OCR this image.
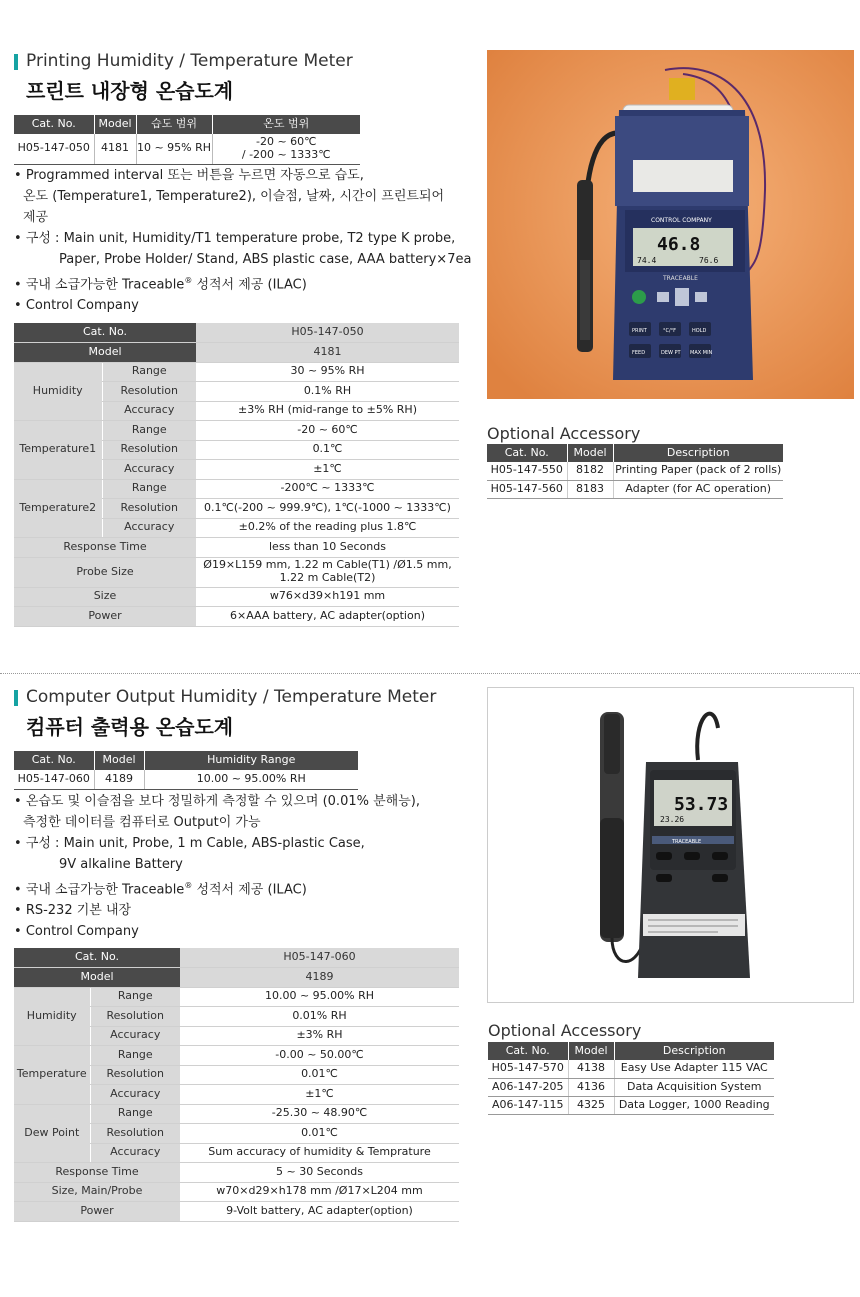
Printing Humidity / Temperature Meter
프린트 내장형 온습도계
Cat. No.	Model	습도 범위	온도 범위
H05-147-050	4181	10 ~ 95% RH	-20 ~ 60℃
/ -200 ~ 1333℃
• Programmed interval 또는 버튼을 누르면 자동으로 습도,
온도 (Temperature1, Temperature2), 이슬점, 날짜, 시간이 프린트되어
제공
• 구성 : Main unit, Humidity/T1 temperature probe, T2 type K probe,
Paper, Probe Holder/ Stand, ABS plastic case, AAA battery×7ea
• 국내 소급가능한 Traceable® 성적서 제공 (ILAC)
• Control Company
Cat. No.		H05-147-050
Model		4181
Humidity	Range	30 ~ 95% RH
	Resolution	0.1% RH
	Accuracy	±3% RH (mid-range to ±5% RH)
Temperature1	Range	-20 ~ 60℃
	Resolution	0.1℃
	Accuracy	±1℃
Temperature2	Range	-200℃ ~ 1333℃
	Resolution	0.1℃(-200 ~ 999.9℃), 1℃(-1000 ~ 1333℃)
	Accuracy	±0.2% of the reading plus 1.8℃
Response Time		less than 10 Seconds
Probe Size		Ø19×L159 mm, 1.22 m Cable(T1) /Ø1.5 mm,
1.22 m Cable(T2)

Size		w76×d39×h191 mm
Power		6×AAA battery, AC adapter(option)
CONTROL COMPANY
46.8
74.4	76.6
TRACEABLE
PRINT	°C/°F	HOLD
FEED	DEW PT MAX MIN
Optional Accessory
Cat. No.	Model	Description
H05-147-550	8182	Printing Paper (pack of 2 rolls)
H05-147-560	8183	Adapter (for AC operation)
Computer Output Humidity / Temperature Meter
컴퓨터 출력용 온습도계
Cat. No.	Model	Humidity Range
H05-147-060	4189	10.00 ~ 95.00% RH
• 온습도 및 이슬점을 보다 정밀하게 측정할 수 있으며 (0.01% 분해능),
측정한 데이터를 컴퓨터로 Output이 가능
• 구성 : Main unit, Probe, 1 m Cable, ABS-plastic Case,
9V alkaline Battery
• 국내 소급가능한 Traceable® 성적서 제공 (ILAC)
• RS-232 기본 내장
• Control Company
Cat. No.		H05-147-060
Model		4189
Humidity	Range	10.00 ~ 95.00% RH
	Resolution	0.01% RH
	Accuracy	±3% RH
Temperature	Range	-0.00 ~ 50.00℃
	Resolution	0.01℃
	Accuracy	±1℃
Dew Point	Range	-25.30 ~ 48.90℃
	Resolution	0.01℃
	Accuracy	Sum accuracy of humidity & Temprature
Response Time		5 ~ 30 Seconds
Size, Main/Probe		w70×d29×h178 mm /Ø17×L204 mm
Power		9-Volt battery, AC adapter(option)
53.73
23.26
TRACEABLE
Optional Accessory
Cat. No.	Model	Description
H05-147-570	4138	Easy Use Adapter 115 VAC
A06-147-205	4136	Data Acquisition System
A06-147-115	4325	Data Logger, 1000 Reading
